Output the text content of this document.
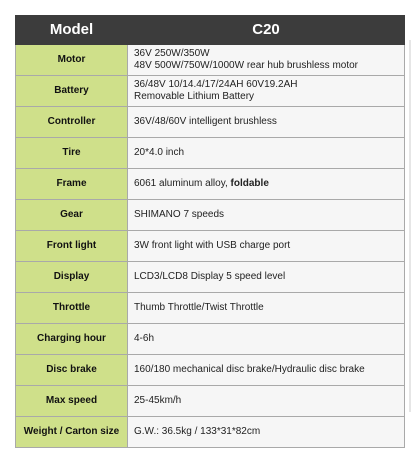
Model	C20
Motor	36V 250W/350W
48V 500W/750W/1000W rear hub brushless motor

Battery	36/48V 10/14.4/17/24AH 60V19.2AH
Removable Lithium Battery

Controller	36V/48/60V intelligent brushless
Tire	20*4.0 inch
Frame	6061 aluminum alloy, foldable
Gear	SHIMANO 7 speeds
Front light	3W front light with USB charge port
Display	LCD3/LCD8 Display 5 speed level
Throttle	Thumb Throttle/Twist Throttle
Charging hour	4-6h
Disc brake	160/180 mechanical disc brake/Hydraulic disc brake
Max speed	25-45km/h
Weight / Carton size	G.W.: 36.5kg / 133*31*82cm
